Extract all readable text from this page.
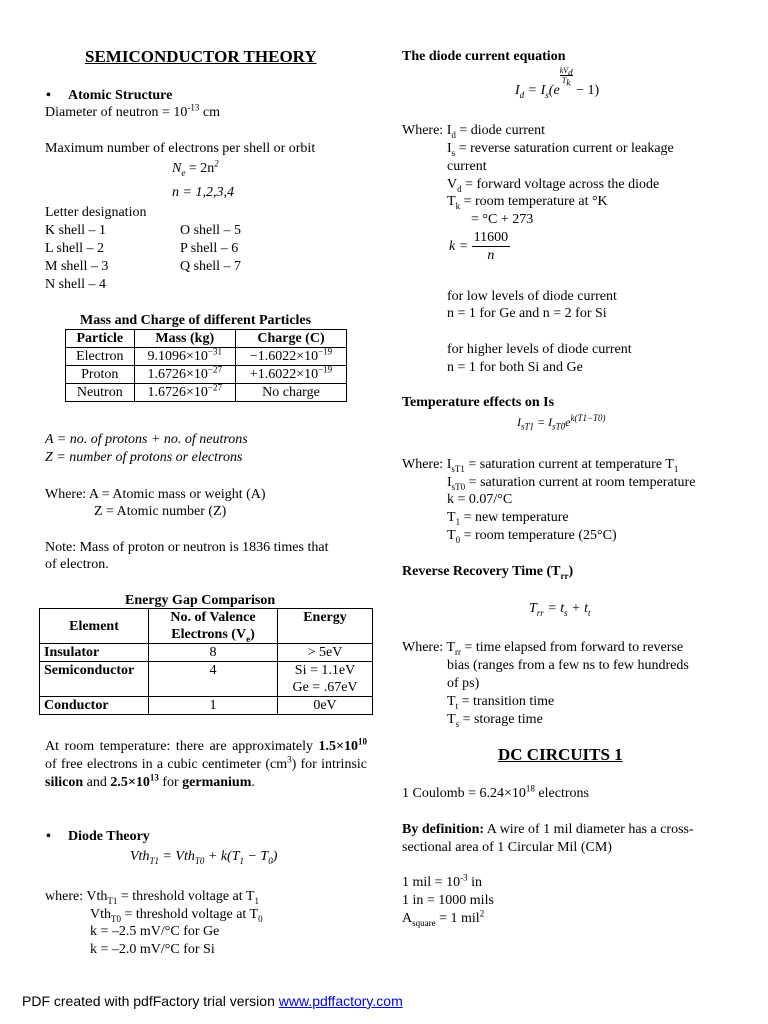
SEMICONDUCTOR THEORY
• Atomic Structure
Diameter of neutron = $10^{-13}$ cm
Maximum number of electrons per shell or orbit
$N_e = 2n^2$
n = 1,2,3,4
Letter designation
K shell – 1
L shell – 2
M shell – 3
N shell – 4
O shell – 5
P shell – 6
Q shell – 7
Mass and Charge of different Particles
Particle	Mass (kg)	Charge (C)
Electron	$9.1096\times 10^{-31}$	$-1.6022\times 10^{-19}$
Proton	$1.6726\times 10^{-27}$	$+1.6022\times 10^{-19}$
Neutron	$1.6726\times 10^{-27}$	No charge
A = no. of protons + no. of neutrons
Z = number of protons or electrons
Where: A = Atomic mass or weight (A)
Z = Atomic number (Z)
Note: Mass of proton or neutron is 1836 times that
of electron.
Energy Gap Comparison
Element	No. of Valence Electrons $(V_e)$	Energy
Insulator	8	> 5eV
Semiconductor	4	Si = 1.1eV
Ge = .67eV

Conductor	1	0eV
At room temperature: there are approximately $1.5\times 10^{10}$ of free electrons in a cubic centimeter $(cm^3)$ for intrinsic silicon and $2.5\times 10^{13}$ for germanium.
• Diode Theory
$Vth_{T1} = Vth_{T0} + k(T_1 - T_0)$
where: Vth$_{T1}$ = threshold voltage at $T_1$
Vth$_{T0}$ = threshold voltage at $T_0$
k = –2.5 mV/°C for Ge
k = –2.0 mV/°C for Si
The diode current equation
$I_d = I_s(e$
$kV_d$
$T_k$
− 1)
Where: $I_d$ = diode current
$I_s$ = reverse saturation current or leakage
current
$V_d$ = forward voltage across the diode
$T_k$ = room temperature at °K
= °C + 273
$k = \frac{11600}{n}$
for low levels of diode current
n = 1 for Ge and n = 2 for Si
for higher levels of diode current
n = 1 for both Si and Ge
Temperature effects on Is
$I_{sT1} = I_{sT0}e^{k(T1-T0)}$
Where: $I_{sT1}$ = saturation current at temperature $T_1$
$I_{sT0}$ = saturation current at room temperature
k = 0.07/°C
$T_1$ = new temperature
$T_0$ = room temperature (25°C)
Reverse Recovery Time $(T_{rr})$
$T_{rr} = t_s + t_t$
Where: $T_{rr}$ = time elapsed from forward to reverse
bias (ranges from a few ns to few hundreds
of ps)
$T_t$ = transition time
$T_s$ = storage time
DC CIRCUITS 1
1 Coulomb = $6.24\times 10^{18}$ electrons
By definition: A wire of 1 mil diameter has a cross-
sectional area of 1 Circular Mil (CM)
1 mil = $10^{-3}$ in
1 in = 1000 mils
$A_{square} = 1$ mil$^2$
PDF created with pdfFactory trial version www.pdffactory.com
